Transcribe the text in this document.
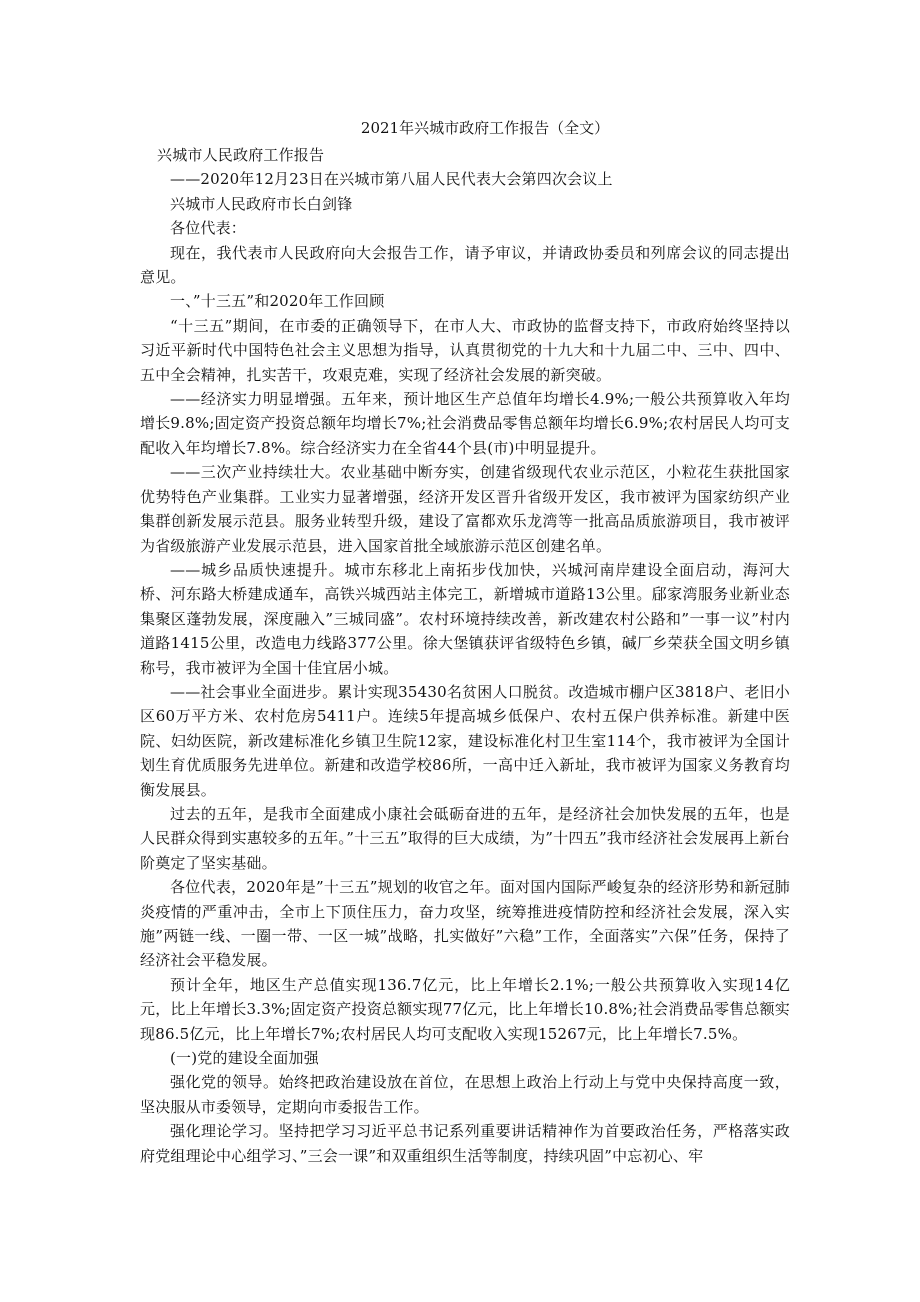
2021年兴城市政府工作报告（全文）

兴城市人民政府工作报告

——2020年12月23日在兴城市第八届人民代表大会第四次会议上

兴城市人民政府市长白剑锋

各位代表：

现在，我代表市人民政府向大会报告工作，请予审议，并请政协委员和列席会议的同志提出意见。

一、”十三五”和2020年工作回顾

“十三五”期间，在市委的正确领导下，在市人大、市政协的监督支持下，市政府始终坚持以习近平新时代中国特色社会主义思想为指导，认真贯彻党的十九大和十九届二中、三中、四中、五中全会精神，扎实苦干，攻艰克难，实现了经济社会发展的新突破。

——经济实力明显增强。五年来，预计地区生产总值年均增长4.9%;一般公共预算收入年均增长9.8%;固定资产投资总额年均增长7%;社会消费品零售总额年均增长6.9%;农村居民人均可支配收入年均增长7.8%。综合经济实力在全省44个县(市)中明显提升。

——三次产业持续壮大。农业基础中断夯实，创建省级现代农业示范区，小粒花生获批国家优势特色产业集群。工业实力显著增强，经济开发区晋升省级开发区，我市被评为国家纺织产业集群创新发展示范县。服务业转型升级，建设了富都欢乐龙湾等一批高品质旅游项目，我市被评为省级旅游产业发展示范县，进入国家首批全域旅游示范区创建名单。

——城乡品质快速提升。城市东移北上南拓步伐加快，兴城河南岸建设全面启动，海河大桥、河东路大桥建成通车，高铁兴城西站主体完工，新增城市道路13公里。郈家湾服务业新业态集聚区蓬勃发展，深度融入”三城同盛”。农村环境持续改善，新改建农村公路和”一事一议”村内道路1415公里，改造电力线路377公里。徐大堡镇获评省级特色乡镇，碱厂乡荣获全国文明乡镇称号，我市被评为全国十佳宜居小城。

——社会事业全面进步。累计实现35430名贫困人口脱贫。改造城市棚户区3818户、老旧小区60万平方米、农村危房5411户。连续5年提高城乡低保户、农村五保户供养标准。新建中医院、妇幼医院，新改建标准化乡镇卫生院12家，建设标准化村卫生室114个，我市被评为全国计划生育优质服务先进单位。新建和改造学校86所，一高中迁入新址，我市被评为国家义务教育均衡发展县。

过去的五年，是我市全面建成小康社会砥砺奋进的五年，是经济社会加快发展的五年，也是人民群众得到实惠较多的五年。”十三五”取得的巨大成绩，为”十四五”我市经济社会发展再上新台阶奠定了坚实基础。

各位代表，2020年是”十三五”规划的收官之年。面对国内国际严峻复杂的经济形势和新冠肺炎疫情的严重冲击，全市上下顶住压力，奋力攻坚，统筹推进疫情防控和经济社会发展，深入实施”两链一线、一圈一带、一区一城”战略，扎实做好”六稳”工作，全面落实”六保”任务，保持了经济社会平稳发展。

预计全年，地区生产总值实现136.7亿元，比上年增长2.1%;一般公共预算收入实现14亿元，比上年增长3.3%;固定资产投资总额实现77亿元，比上年增长10.8%;社会消费品零售总额实现86.5亿元，比上年增长7%;农村居民人均可支配收入实现15267元，比上年增长7.5%。

(一)党的建设全面加强

强化党的领导。始终把政治建设放在首位，在思想上政治上行动上与党中央保持高度一致，坚决服从市委领导，定期向市委报告工作。

强化理论学习。坚持把学习习近平总书记系列重要讲话精神作为首要政治任务，严格落实政府党组理论中心组学习、”三会一课”和双重组织生活等制度，持续巩固”中忘初心、牢
